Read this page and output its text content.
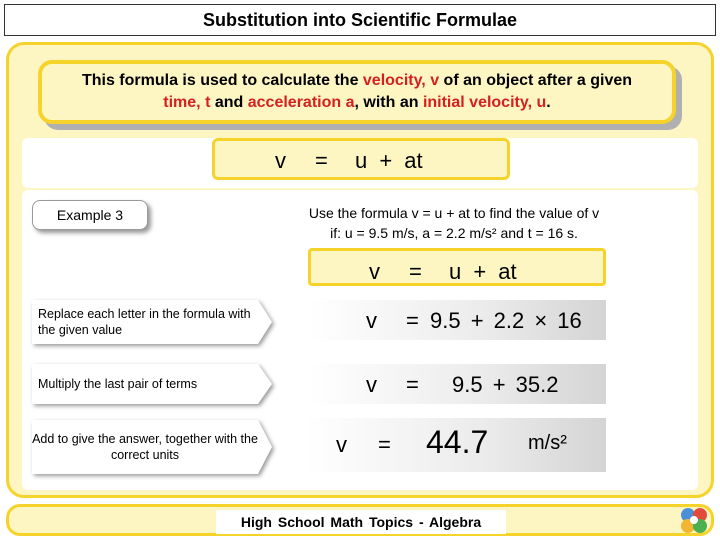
Substitution into Scientific Formulae
This formula is used to calculate the velocity, v of an object after a given
time, t and acceleration a, with an initial velocity, u.
v = u + at
Example 3	Use the formula v = u + at to find the value of v
if: u = 9.5 m/s, a = 2.2 m/s² and t = 16 s.
v = u + at
Replace each letter in the formula with the given value	v = 9.5 + 2.2 × 16
Multiply the last pair of terms	v = 9.5 + 35.2
Add to give the answer, together with the correct units	v = 44.7 m/s²
High School Math Topics - Algebra
